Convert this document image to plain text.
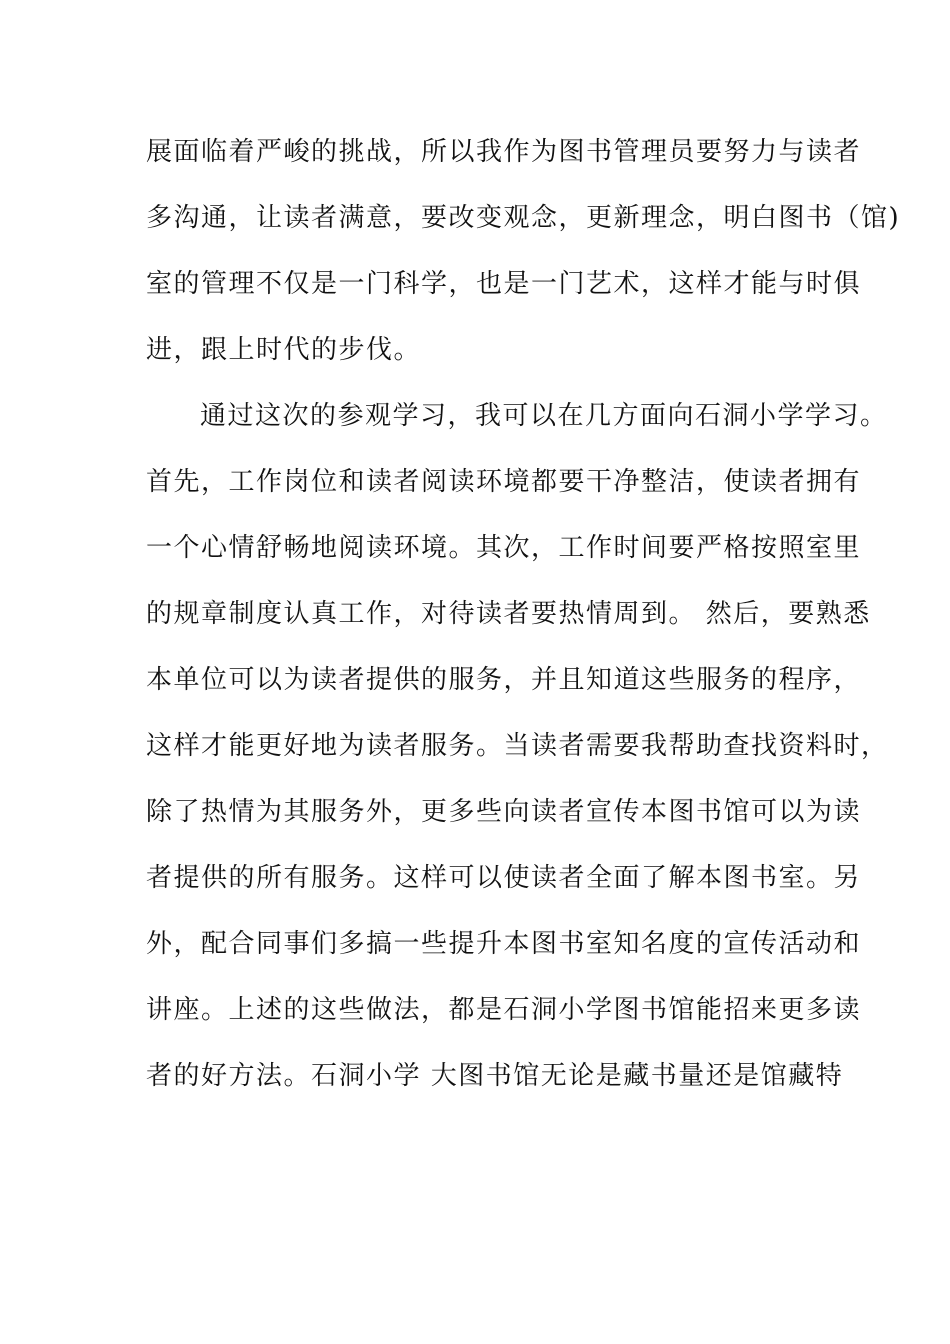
展面临着严峻的挑战，所以我作为图书管理员要努力与读者
多沟通，让读者满意，要改变观念，更新理念，明白图书（馆)
室的管理不仅是一门科学，也是一门艺术，这样才能与时俱
进，跟上时代的步伐。
通过这次的参观学习，我可以在几方面向石洞小学学习。
首先，工作岗位和读者阅读环境都要干净整洁，使读者拥有
一个心情舒畅地阅读环境。其次，工作时间要严格按照室里
的规章制度认真工作，对待读者要热情周到。 然后，要熟悉
本单位可以为读者提供的服务，并且知道这些服务的程序，
这样才能更好地为读者服务。当读者需要我帮助查找资料时，
除了热情为其服务外，更多些向读者宣传本图书馆可以为读
者提供的所有服务。这样可以使读者全面了解本图书室。另
外，配合同事们多搞一些提升本图书室知名度的宣传活动和
讲座。上述的这些做法，都是石洞小学图书馆能招来更多读
者的好方法。石洞小学 大图书馆无论是藏书量还是馆藏特
